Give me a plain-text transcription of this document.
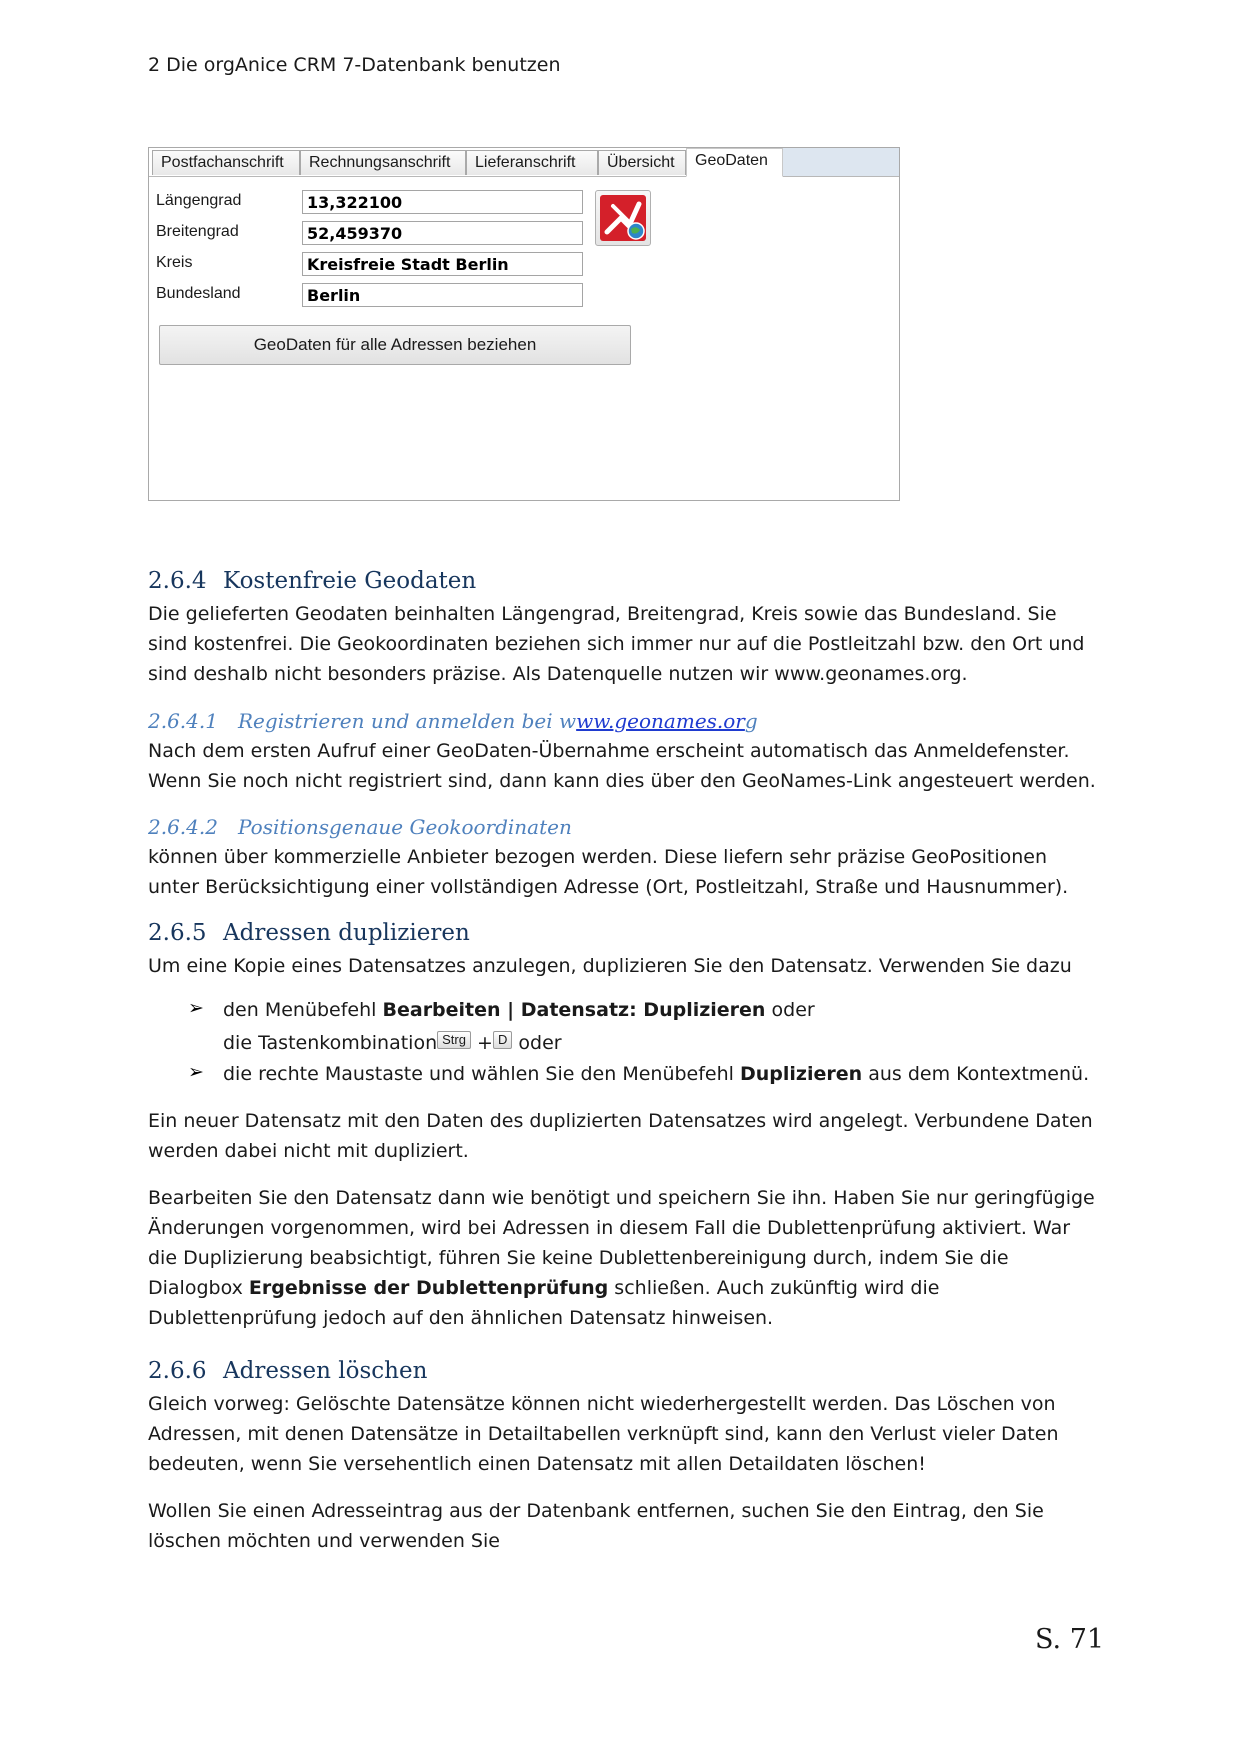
2 Die orgAnice CRM 7-Datenbank benutzen
Postfachanschrift	Rechnungsanschrift	Lieferanschrift	Übersicht	GeoDaten
Längengrad	13,322100
Breitengrad	52,459370
Kreis	Kreisfreie Stadt Berlin
Bundesland	Berlin
GeoDaten für alle Adressen beziehen
2.6.4 Kostenfreie Geodaten

Die gelieferten Geodaten beinhalten Längengrad, Breitengrad, Kreis sowie das Bundesland. Sie sind kostenfrei. Die Geokoordinaten beziehen sich immer nur auf die Postleitzahl bzw. den Ort und sind deshalb nicht besonders präzise. Als Datenquelle nutzen wir www.geonames.org.

2.6.4.1 Registrieren und anmelden bei www.geonames.org

Nach dem ersten Aufruf einer GeoDaten-Übernahme erscheint automatisch das Anmeldefenster. Wenn Sie noch nicht registriert sind, dann kann dies über den GeoNames-Link angesteuert werden.

2.6.4.2 Positionsgenaue Geokoordinaten

können über kommerzielle Anbieter bezogen werden. Diese liefern sehr präzise GeoPositionen unter Berücksichtigung einer vollständigen Adresse (Ort, Postleitzahl, Straße und Hausnummer).

2.6.5 Adressen duplizieren

Um eine Kopie eines Datensatzes anzulegen, duplizieren Sie den Datensatz. Verwenden Sie dazu

➢ den Menübefehl Bearbeiten | Datensatz: Duplizieren oder
die Tastenkombination Strg + D oder
➢ die rechte Maustaste und wählen Sie den Menübefehl Duplizieren aus dem Kontextmenü.

Ein neuer Datensatz mit den Daten des duplizierten Datensatzes wird angelegt. Verbundene Daten werden dabei nicht mit dupliziert.

Bearbeiten Sie den Datensatz dann wie benötigt und speichern Sie ihn. Haben Sie nur geringfügige Änderungen vorgenommen, wird bei Adressen in diesem Fall die Dublettenprüfung aktiviert. War die Duplizierung beabsichtigt, führen Sie keine Dublettenbereinigung durch, indem Sie die Dialogbox Ergebnisse der Dublettenprüfung schließen. Auch zukünftig wird die Dublettenprüfung jedoch auf den ähnlichen Datensatz hinweisen.

2.6.6 Adressen löschen

Gleich vorweg: Gelöschte Datensätze können nicht wiederhergestellt werden. Das Löschen von Adressen, mit denen Datensätze in Detailtabellen verknüpft sind, kann den Verlust vieler Daten bedeuten, wenn Sie versehentlich einen Datensatz mit allen Detaildaten löschen!

Wollen Sie einen Adresseintrag aus der Datenbank entfernen, suchen Sie den Eintrag, den Sie löschen möchten und verwenden Sie

S. 71
